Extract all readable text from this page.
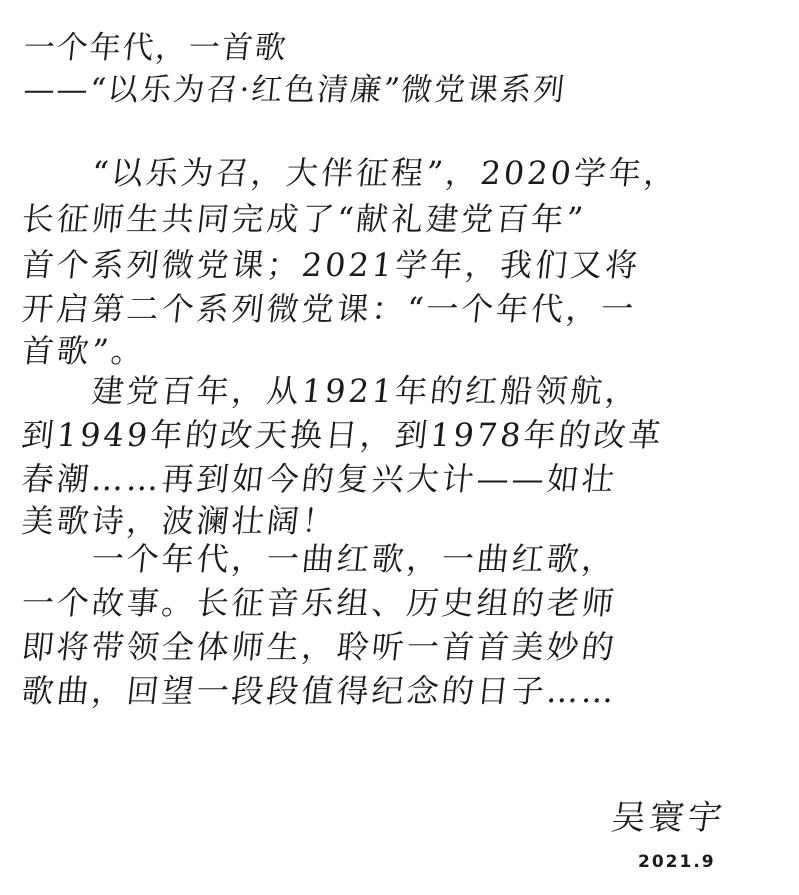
一个年代，一首歌
——“以乐为召·红色清廉”微党课系列
　　“以乐为召，大伴征程”，2020学年，
长征师生共同完成了“献礼建党百年”
首个系列微党课；2021学年，我们又将
开启第二个系列微党课：“一个年代，一
首歌”。
　　建党百年，从1921年的红船领航，
到1949年的改天换日，到1978年的改革
春潮……再到如今的复兴大计——如壮
美歌诗，波澜壮阔！
　　一个年代，一曲红歌，一曲红歌，
一个故事。长征音乐组、历史组的老师
即将带领全体师生，聆听一首首美妙的
歌曲，回望一段段值得纪念的日子……
吴寰宇
2021.9
